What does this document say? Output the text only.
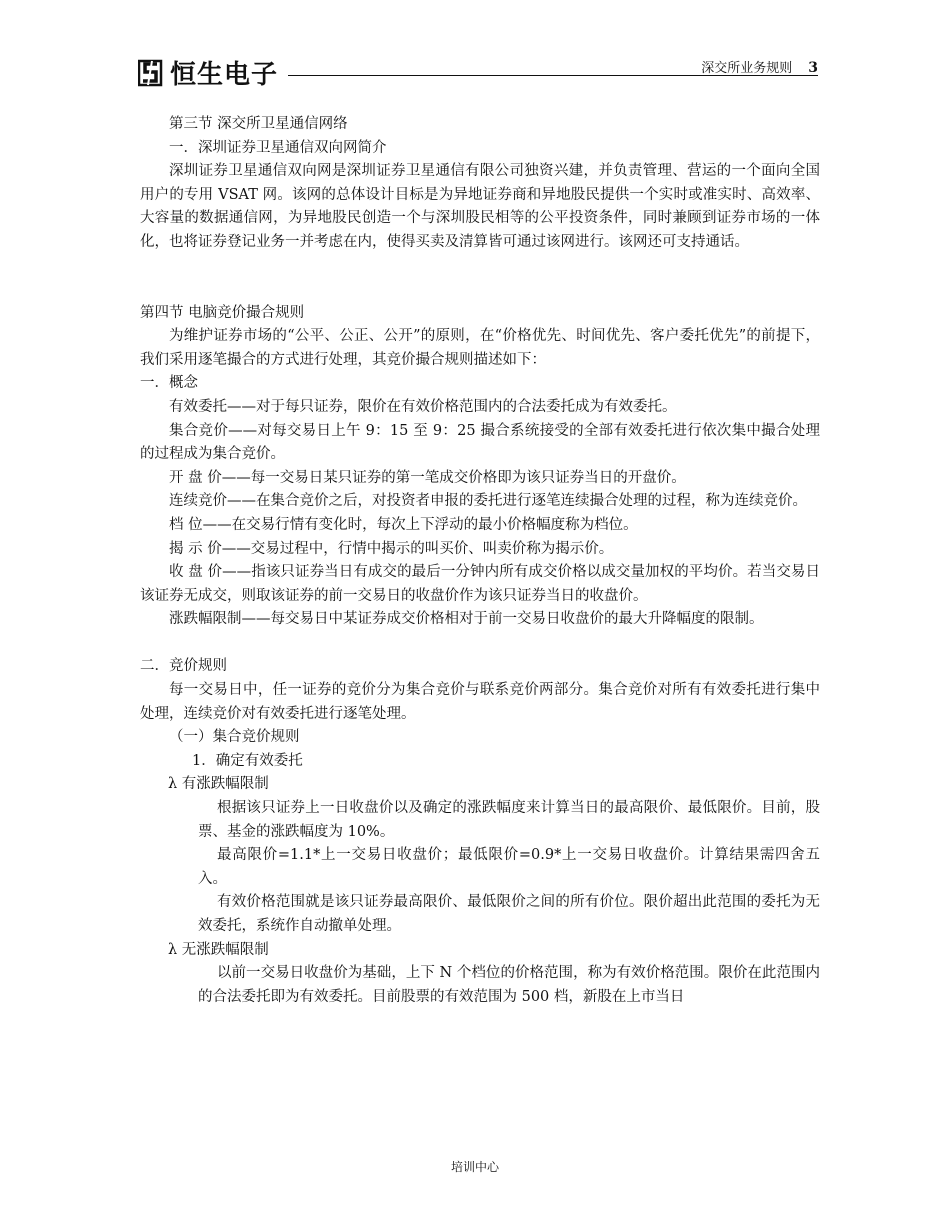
恒生电子	深交所业务规则 3

第三节 深交所卫星通信网络

一．深圳证券卫星通信双向网简介

深圳证券卫星通信双向网是深圳证券卫星通信有限公司独资兴建，并负责管理、营运的一个面向全国用户的专用 VSAT 网。该网的总体设计目标是为异地证券商和异地股民提供一个实时或准实时、高效率、大容量的数据通信网，为异地股民创造一个与深圳股民相等的公平投资条件，同时兼顾到证券市场的一体化，也将证券登记业务一并考虑在内，使得买卖及清算皆可通过该网进行。该网还可支持通话。

第四节 电脑竞价撮合规则

为维护证券市场的“公平、公正、公开”的原则，在“价格优先、时间优先、客户委托优先”的前提下，我们采用逐笔撮合的方式进行处理，其竞价撮合规则描述如下：

一．概念

有效委托——对于每只证券，限价在有效价格范围内的合法委托成为有效委托。

集合竞价——对每交易日上午 9：15 至 9：25 撮合系统接受的全部有效委托进行依次集中撮合处理的过程成为集合竞价。

开 盘 价——每一交易日某只证券的第一笔成交价格即为该只证券当日的开盘价。

连续竞价——在集合竞价之后，对投资者申报的委托进行逐笔连续撮合处理的过程，称为连续竞价。

档 位——在交易行情有变化时，每次上下浮动的最小价格幅度称为档位。

揭 示 价——交易过程中，行情中揭示的叫买价、叫卖价称为揭示价。

收 盘 价——指该只证券当日有成交的最后一分钟内所有成交价格以成交量加权的平均价。若当交易日该证券无成交，则取该证券的前一交易日的收盘价作为该只证券当日的收盘价。

涨跌幅限制——每交易日中某证券成交价格相对于前一交易日收盘价的最大升降幅度的限制。

二．竞价规则

每一交易日中，任一证券的竞价分为集合竞价与联系竞价两部分。集合竞价对所有有效委托进行集中处理，连续竞价对有效委托进行逐笔处理。

（一）集合竞价规则

1．确定有效委托

λ 有涨跌幅限制

根据该只证券上一日收盘价以及确定的涨跌幅度来计算当日的最高限价、最低限价。目前，股票、基金的涨跌幅度为 10%。

最高限价=1.1*上一交易日收盘价；最低限价=0.9*上一交易日收盘价。计算结果需四舍五入。

有效价格范围就是该只证券最高限价、最低限价之间的所有价位。限价超出此范围的委托为无效委托，系统作自动撤单处理。

λ 无涨跌幅限制

以前一交易日收盘价为基础，上下 N 个档位的价格范围，称为有效价格范围。限价在此范围内的合法委托即为有效委托。目前股票的有效范围为 500 档，新股在上市当日

培训中心
